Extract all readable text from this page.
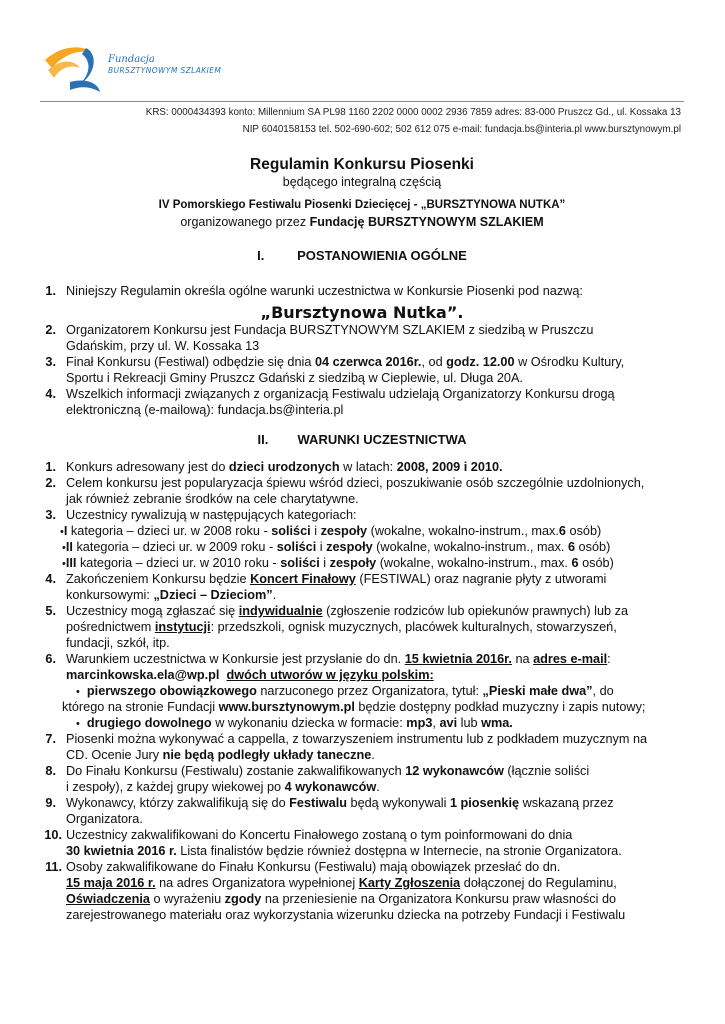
Fundacja
BURSZTYNOWYM SZLAKIEM
KRS: 0000434393 konto: Millennium SA PL98 1160 2202 0000 0002 2936 7859 adres: 83-000 Pruszcz Gd., ul. Kossaka 13
NIP 6040158153 tel. 502-690-602; 502 612 075 e-mail: fundacja.bs@interia.pl www.bursztynowym.pl
Regulamin Konkursu Piosenki
będącego integralną częścią
IV Pomorskiego Festiwalu Piosenki Dziecięcej - „BURSZTYNOWA NUTKA”
organizowanego przez Fundację BURSZTYNOWYM SZLAKIEM
I.	POSTANOWIENIA OGÓLNE
1. Niniejszy Regulamin określa ogólne warunki uczestnictwa w Konkursie Piosenki pod nazwą:
„Bursztynowa Nutka”.
2. Organizatorem Konkursu jest Fundacja BURSZTYNOWYM SZLAKIEM z siedzibą w Pruszczu
Gdańskim, przy ul. W. Kossaka 13
3. Finał Konkursu (Festiwal) odbędzie się dnia 04 czerwca 2016r., od godz. 12.00 w Ośrodku Kultury,
Sportu i Rekreacji Gminy Pruszcz Gdański z siedzibą w Cieplewie, ul. Długa 20A.
4. Wszelkich informacji związanych z organizacją Festiwalu udzielają Organizatorzy Konkursu drogą
elektroniczną (e-mailową): fundacja.bs@interia.pl
II. WARUNKI UCZESTNICTWA
1. Konkurs adresowany jest do dzieci urodzonych w latach: 2008, 2009 i 2010.
2. Celem konkursu jest popularyzacja śpiewu wśród dzieci, poszukiwanie osób szczególnie uzdolnionych,
jak również zebranie środków na cele charytatywne.
3. Uczestnicy rywalizują w następujących kategoriach:
•I kategoria – dzieci ur. w 2008 roku - soliści i zespoły (wokalne, wokalno-instrum., max.6 osób)
•II kategoria – dzieci ur. w 2009 roku - soliści i zespoły (wokalne, wokalno-instrum., max. 6 osób)
•III kategoria – dzieci ur. w 2010 roku - soliści i zespoły (wokalne, wokalno-instrum., max. 6 osób)
4. Zakończeniem Konkursu będzie Koncert Finałowy (FESTIWAL) oraz nagranie płyty z utworami
konkursowymi: „Dzieci – Dzieciom”.
5. Uczestnicy mogą zgłaszać się indywidualnie (zgłoszenie rodziców lub opiekunów prawnych) lub za
pośrednictwem instytucji: przedszkoli, ognisk muzycznych, placówek kulturalnych, stowarzyszeń,
fundacji, szkół, itp.
6. Warunkiem uczestnictwa w Konkursie jest przysłanie do dn. 15 kwietnia 2016r. na adres e-mail:
marcinkowska.ela@wp.pl dwóch utworów w języku polskim:
• pierwszego obowiązkowego narzuconego przez Organizatora, tytuł: „Pieski małe dwa”, do
którego na stronie Fundacji www.bursztynowym.pl będzie dostępny podkład muzyczny i zapis nutowy;
• drugiego dowolnego w wykonaniu dziecka w formacie: mp3, avi lub wma.
7. Piosenki można wykonywać a cappella, z towarzyszeniem instrumentu lub z podkładem muzycznym na
CD. Ocenie Jury nie będą podległy układy taneczne.
8. Do Finału Konkursu (Festiwalu) zostanie zakwalifikowanych 12 wykonawców (łącznie soliści
i zespoły), z każdej grupy wiekowej po 4 wykonawców.
9. Wykonawcy, którzy zakwalifikują się do Festiwalu będą wykonywali 1 piosenkię wskazaną przez
Organizatora.
10. Uczestnicy zakwalifikowani do Koncertu Finałowego zostaną o tym poinformowani do dnia
30 kwietnia 2016 r. Lista finalistów będzie również dostępna w Internecie, na stronie Organizatora.
11. Osoby zakwalifikowane do Finału Konkursu (Festiwalu) mają obowiązek przesłać do dn.
15 maja 2016 r. na adres Organizatora wypełnionej Karty Zgłoszenia dołączonej do Regulaminu,
Oświadczenia o wyrażeniu zgody na przeniesienie na Organizatora Konkursu praw własności do
zarejestrowanego materiału oraz wykorzystania wizerunku dziecka na potrzeby Fundacji i Festiwalu
